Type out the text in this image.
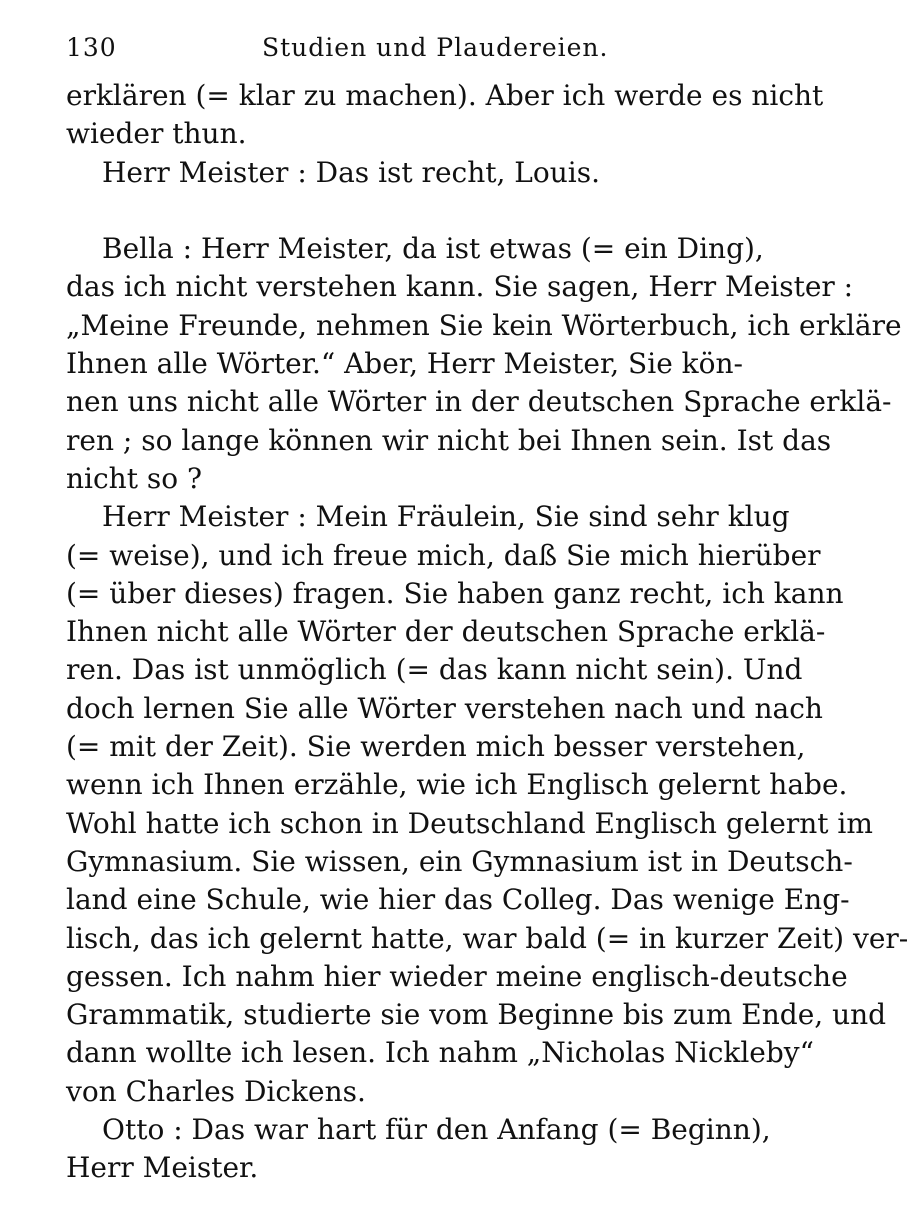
130	Studien und Plaudereien.
erklären (= klar zu machen). Aber ich werde es nicht
wieder thun.
Herr Meister : Das ist recht, Louis.
Bella : Herr Meister, da ist etwas (= ein Ding),
das ich nicht verstehen kann. Sie sagen, Herr Meister :
„Meine Freunde, nehmen Sie kein Wörterbuch, ich erkläre
Ihnen alle Wörter.“ Aber, Herr Meister, Sie kön-
nen uns nicht alle Wörter in der deutschen Sprache erklä-
ren ; so lange können wir nicht bei Ihnen sein. Ist das
nicht so ?
Herr Meister : Mein Fräulein, Sie sind sehr klug
(= weise), und ich freue mich, daß Sie mich hierüber
(= über dieses) fragen. Sie haben ganz recht, ich kann
Ihnen nicht alle Wörter der deutschen Sprache erklä-
ren. Das ist unmöglich (= das kann nicht sein). Und
doch lernen Sie alle Wörter verstehen nach und nach
(= mit der Zeit). Sie werden mich besser verstehen,
wenn ich Ihnen erzähle, wie ich Englisch gelernt habe.
Wohl hatte ich schon in Deutschland Englisch gelernt im
Gymnasium. Sie wissen, ein Gymnasium ist in Deutsch-
land eine Schule, wie hier das Colleg. Das wenige Eng-
lisch, das ich gelernt hatte, war bald (= in kurzer Zeit) ver-
gessen. Ich nahm hier wieder meine englisch-deutsche
Grammatik, studierte sie vom Beginne bis zum Ende, und
dann wollte ich lesen. Ich nahm „Nicholas Nickleby“
von Charles Dickens.
Otto : Das war hart für den Anfang (= Beginn),
Herr Meister.
